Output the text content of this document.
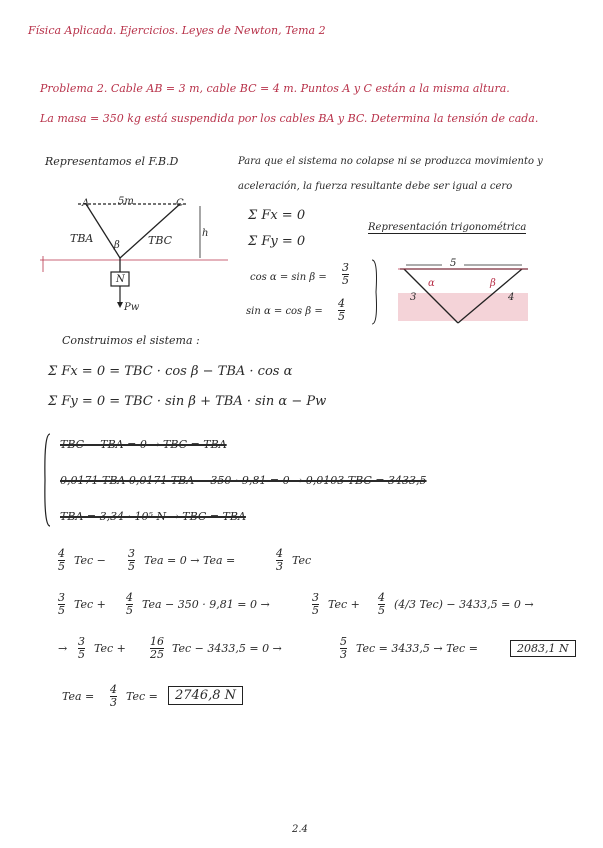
Física Aplicada. Ejercicios. Leyes de Newton, Tema 2
Problema 2. Cable AB = 3 m, cable BC = 4 m. Puntos A y C están a la misma altura.
La masa = 350 kg está suspendida por los cables BA y BC. Determina la tensión de cada.
Representamos el F.B.D
A	C
5m
h
TBA	TBC
β
N
Pw
Para que el sistema no colapse ni se produzca movimiento y
aceleración, la fuerza resultante debe ser igual a cero
Σ Fx = 0
Σ Fy = 0
Representación trigonométrica
$\cos \alpha = \sin \beta = \frac{3}{5}$
$\sin \alpha = \cos \beta = \frac{4}{5}$
5
3	4
α	β
Construimos el sistema :
Σ Fx = 0 = TBC · cos β − TBA · cos α
Σ Fy = 0 = TBC · sin β + TBA · sin α − Pw
TBC − TBA = 0 → TBC = TBA
0,0171 TBA 0,0171 TBA − 350 · 9,81 = 0 → 0,0103 TBC = 3433,5
TBA = 3,34 · 10⁵ N → TBC = TBA
$\frac{4}{5}$ Tec − $\frac{3}{5}$ Tea = 0 → Tea =	$\frac{4}{3}$ Tec
$\frac{3}{5}$ Tec + $\frac{4}{5}$ Tea − 350 · 9,81 = 0 →	$\frac{3}{5}$ Tec + $\frac{4}{5} (4/3$ Tec) − 3433,5 = 0 →
→ $\frac{3}{5}$ Tec + $\frac{16}{25}$ Tec − 3433,5 = 0 →	$\frac{5}{3}$ Tec = 3433,5 → Tec =	2083,1 N
Tea = $\frac{4}{3}$ Tec =	2746,8 N
2.4
